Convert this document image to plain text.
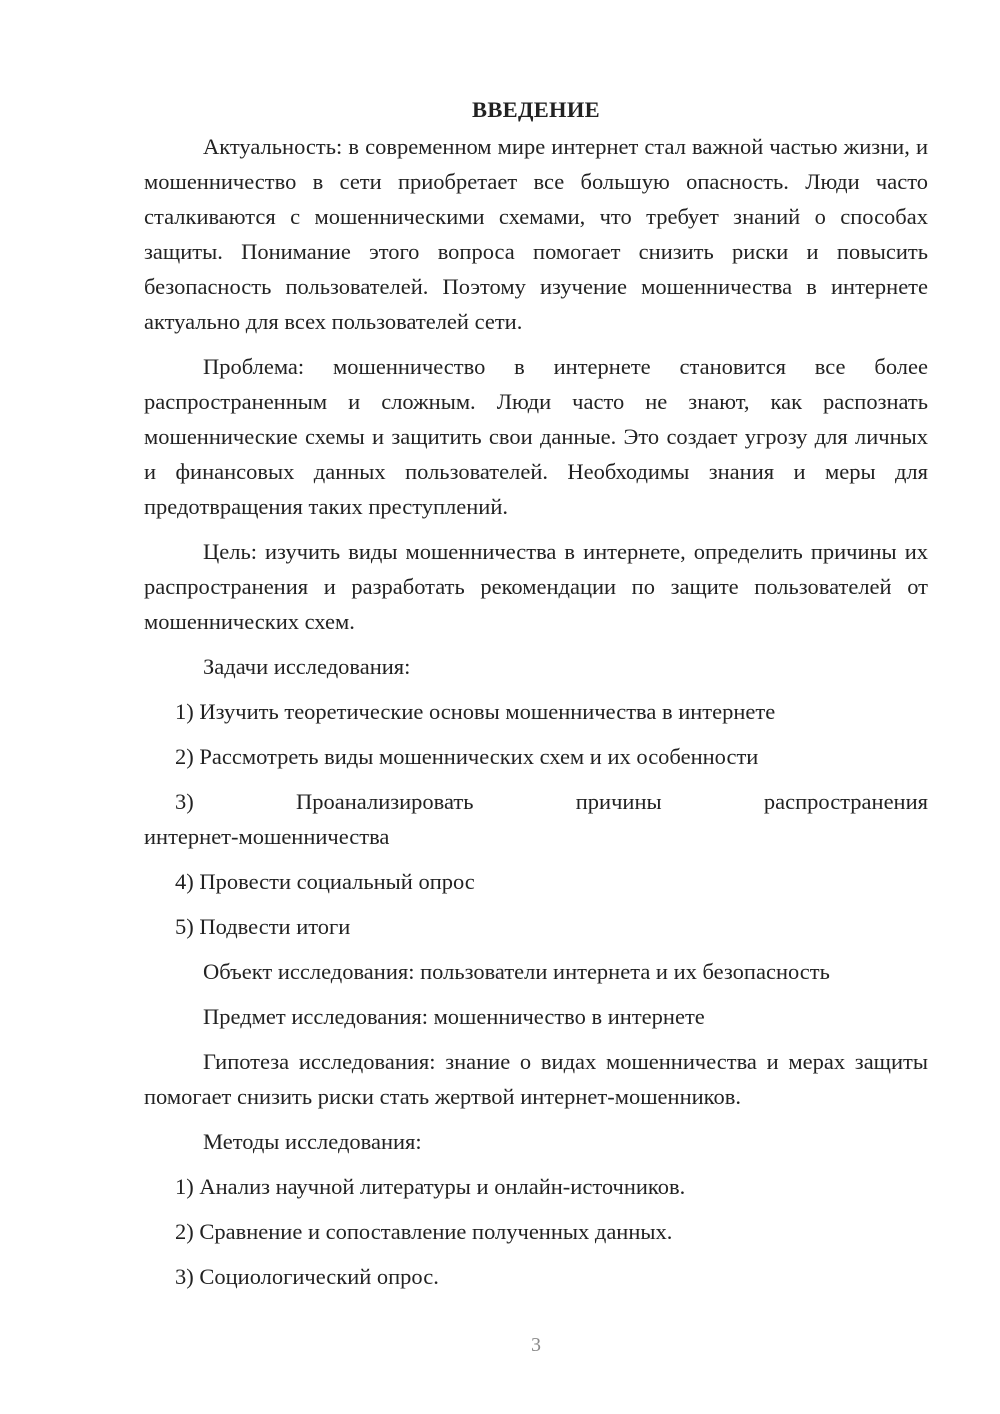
ВВЕДЕНИЕ

Актуальность: в современном мире интернет стал важной частью жизни, и мошенничество в сети приобретает все большую опасность. Люди часто сталкиваются с мошенническими схемами, что требует знаний о способах защиты. Понимание этого вопроса помогает снизить риски и повысить безопасность пользователей. Поэтому изучение мошенничества в интернете актуально для всех пользователей сети.

Проблема: мошенничество в интернете становится все более распространенным и сложным. Люди часто не знают, как распознать мошеннические схемы и защитить свои данные. Это создает угрозу для личных и финансовых данных пользователей. Необходимы знания и меры для предотвращения таких преступлений.

Цель: изучить виды мошенничества в интернете, определить причины их распространения и разработать рекомендации по защите пользователей от мошеннических схем.

Задачи исследования:

1) Изучить теоретические основы мошенничества в интернете

2) Рассмотреть виды мошеннических схем и их особенности

3) Проанализировать причины распространения

интернет-мошенничества

4) Провести социальный опрос

5) Подвести итоги

Объект исследования: пользователи интернета и их безопасность

Предмет исследования: мошенничество в интернете

Гипотеза исследования: знание о видах мошенничества и мерах защиты помогает снизить риски стать жертвой интернет-мошенников.

Методы исследования:

1) Анализ научной литературы и онлайн-источников.

2) Сравнение и сопоставление полученных данных.

3) Социологический опрос.

3
